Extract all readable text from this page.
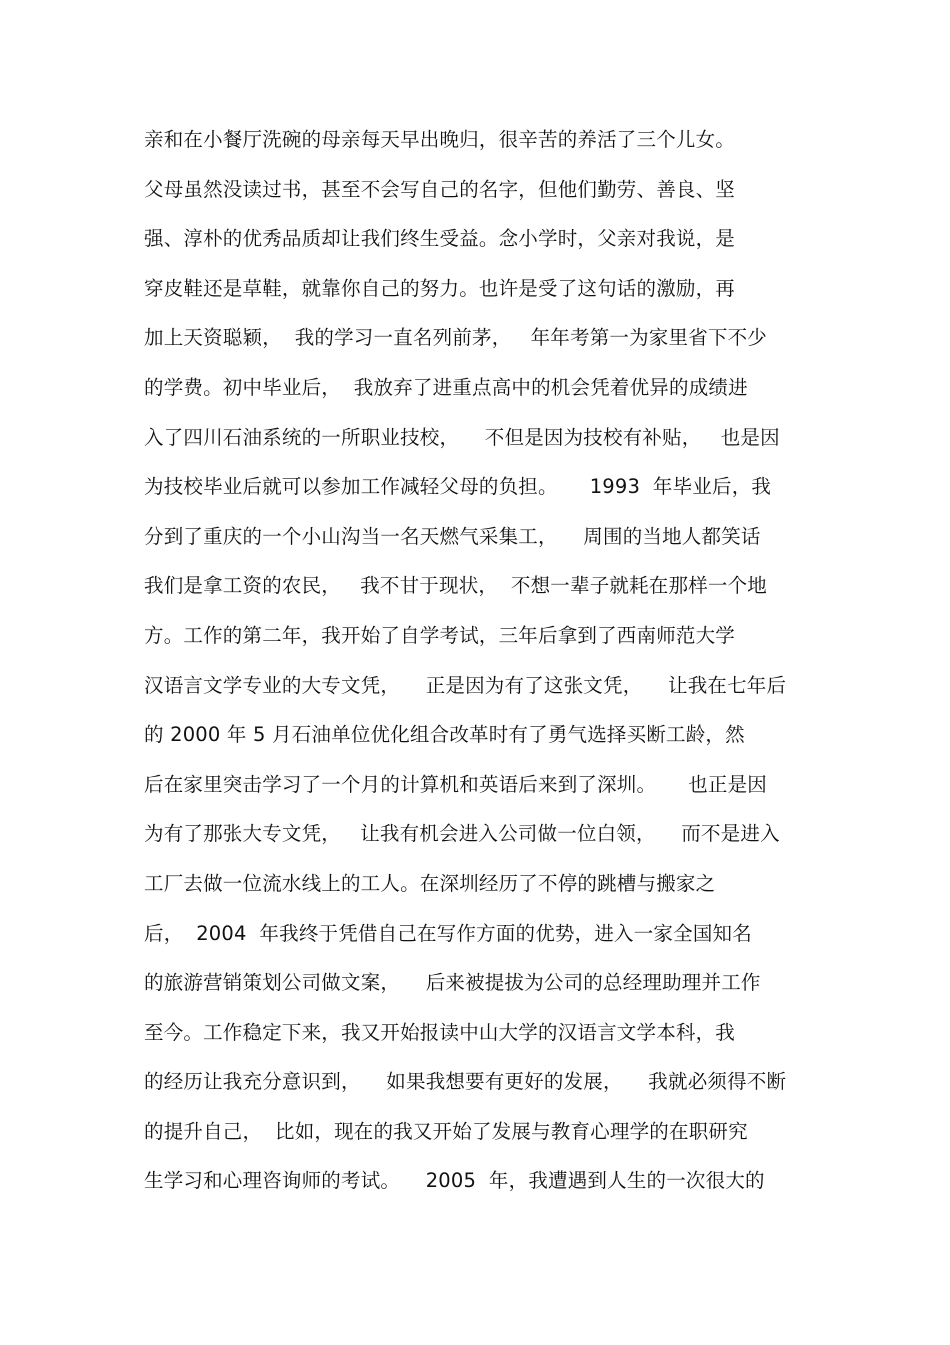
亲和在小餐厅洗碗的母亲每天早出晚归，很辛苦的养活了三个儿女。
父母虽然没读过书，甚至不会写自己的名字，但他们勤劳、善良、坚
强、淳朴的优秀品质却让我们终生受益。念小学时，父亲对我说，是
穿皮鞋还是草鞋，就靠你自己的努力。也许是受了这句话的激励，再
加上天资聪颖，  我的学习一直名列前茅，   年年考第一为家里省下不少
的学费。初中毕业后，  我放弃了进重点高中的机会凭着优异的成绩进
入了四川石油系统的一所职业技校，    不但是因为技校有补贴，   也是因
为技校毕业后就可以参加工作减轻父母的负担。     1993  年毕业后，我
分到了重庆的一个小山沟当一名天燃气采集工，    周围的当地人都笑话
我们是拿工资的农民，   我不甘于现状，  不想一辈子就耗在那样一个地
方。工作的第二年，我开始了自学考试，三年后拿到了西南师范大学
汉语言文学专业的大专文凭，    正是因为有了这张文凭，    让我在七年后
的 2000 年 5 月石油单位优化组合改革时有了勇气选择买断工龄，然
后在家里突击学习了一个月的计算机和英语后来到了深圳。     也正是因
为有了那张大专文凭，   让我有机会进入公司做一位白领，    而不是进入
工厂去做一位流水线上的工人。在深圳经历了不停的跳槽与搬家之
后，  2004  年我终于凭借自己在写作方面的优势，进入一家全国知名
的旅游营销策划公司做文案，    后来被提拔为公司的总经理助理并工作
至今。工作稳定下来，我又开始报读中山大学的汉语言文学本科，我
的经历让我充分意识到，    如果我想要有更好的发展，    我就必须得不断
的提升自己，  比如，现在的我又开始了发展与教育心理学的在职研究
生学习和心理咨询师的考试。    2005  年，我遭遇到人生的一次很大的
